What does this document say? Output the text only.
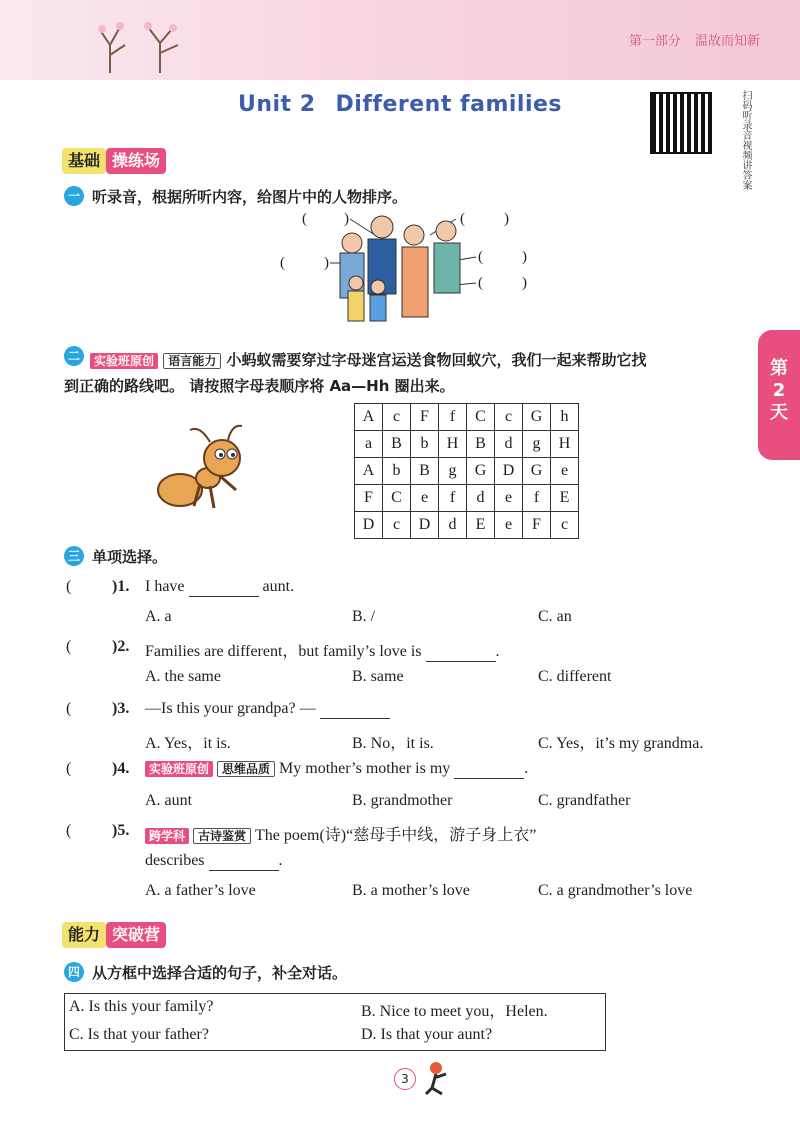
第一部分 温故而知新
Unit 2 Different families	扫码听录音视频讲答案
第2天
基础 操练场
一 听录音，根据所听内容，给图片中的人物排序。
( )	(	)
(	)	(	)
(	)
二	实验班原创 语言能力 小蚂蚁需要穿过字母迷宫运送食物回蚁穴，我们一起来帮助它找
到正确的路线吧。 请按照字母表顺序将 Aa—Hh 圈出来。
A	c	F	f	C	c	G	h
a	B	b	H	B	d	g	H
A	b	B	g	G	D	G	e
F	C	e	f	d	e	f	E
D	c	D	d	E	e	F	c
三 单项选择。
(	)1. I have	aunt.
A. a	B. /	C. an
(	)2. Families are different，but family’s love is	.
A. the same	B. same	C. different
(	)3. —Is this your grandpa? —
A. Yes，it is.	B. No，it is.	C. Yes，it’s my grandma.
(	)4.	实验班原创 思维品质 My mother’s mother is my	.
A. aunt	B. grandmother	C. grandfather
(	)5.	跨学科 古诗鉴赏 The poem(诗)“慈母手中线，游子身上衣”
describes	.
A. a father’s love	B. a mother’s love	C. a grandmother’s love
能力 突破营
四 从方框中选择合适的句子，补全对话。
A. Is this your family?	B. Nice to meet you，Helen.
C. Is that your father?	D. Is that your aunt?
3
